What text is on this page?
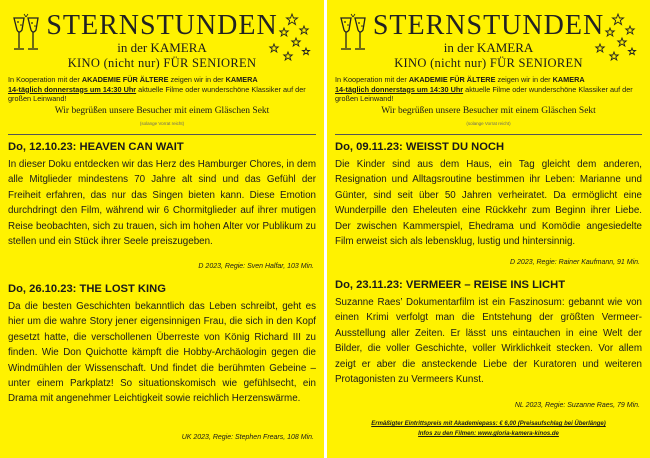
STERNSTUNDEN
in der KAMERA
KINO (nicht nur) FÜR SENIOREN
In Kooperation mit der AKADEMIE FÜR ÄLTERE zeigen wir in der KAMERA
14-täglich donnerstags um 14:30 Uhr aktuelle Filme oder wunderschöne Klassiker auf der großen Leinwand!
Wir begrüßen unsere Besucher mit einem Gläschen Sekt
(solange Vorrat reicht)
Do, 12.10.23: HEAVEN CAN WAIT

In dieser Doku entdecken wir das Herz des Hamburger Chores, in dem alle Mitglieder mindestens 70 Jahre alt sind und das Gefühl der Freiheit erfahren, das nur das Singen bieten kann. Diese Emotion durchdringt den Film, während wir 6 Chormitglieder auf ihrer mutigen Reise beobachten, sich zu trauen, sich im hohen Alter vor Publikum zu stellen und ein Stück ihrer Seele preiszugeben.

D 2023, Regie: Sven Halfar, 103 Min.
Do, 26.10.23: THE LOST KING

Da die besten Geschichten bekanntlich das Leben schreibt, geht es hier um die wahre Story jener eigensinnigen Frau, die sich in den Kopf gesetzt hatte, die verschollenen Überreste von König Richard III zu finden. Wie Don Quichotte kämpft die Hobby-Archäologin gegen die Windmühlen der Wissenschaft. Und findet die berühmten Gebeine – unter einem Parkplatz! So situationskomisch wie gefühlsecht, ein Drama mit angenehmer Leichtigkeit sowie reichlich Herzenswärme.

UK 2023, Regie: Stephen Frears, 108 Min.
STERNSTUNDEN
in der KAMERA
KINO (nicht nur) FÜR SENIOREN
In Kooperation mit der AKADEMIE FÜR ÄLTERE zeigen wir in der KAMERA
14-täglich donnerstags um 14:30 Uhr aktuelle Filme oder wunderschöne Klassiker auf der großen Leinwand!
Wir begrüßen unsere Besucher mit einem Gläschen Sekt
(solange Vorrat reicht)
Do, 09.11.23: WEISST DU NOCH

Die Kinder sind aus dem Haus, ein Tag gleicht dem anderen, Resignation und Alltagsroutine bestimmen ihr Leben: Marianne und Günter, sind seit über 50 Jahren verheiratet. Da ermöglicht eine Wunderpille den Eheleuten eine Rückkehr zum Beginn ihrer Liebe. Der zwischen Kammerspiel, Ehedrama und Komödie angesiedelte Film erweist sich als lebensklug, lustig und hintersinnig.

D 2023, Regie: Rainer Kaufmann, 91 Min.
Do, 23.11.23: VERMEER – REISE INS LICHT

Suzanne Raes’ Dokumentarfilm ist ein Faszinosum: gebannt wie von einen Krimi verfolgt man die Entstehung der größten Vermeer-Ausstellung aller Zeiten. Er lässt uns eintauchen in eine Welt der Bilder, die voller Geschichte, voller Wirklichkeit stecken. Vor allem zeigt er aber die ansteckende Liebe der Kuratoren und weiteren Protagonisten zu Vermeers Kunst.

NL 2023, Regie: Suzanne Raes, 79 Min.
Ermäßigter Eintrittspreis mit Akademiepass: € 6,00 (Preisaufschlag bei Überlänge)
Infos zu den Filmen: www.gloria-kamera-kinos.de
